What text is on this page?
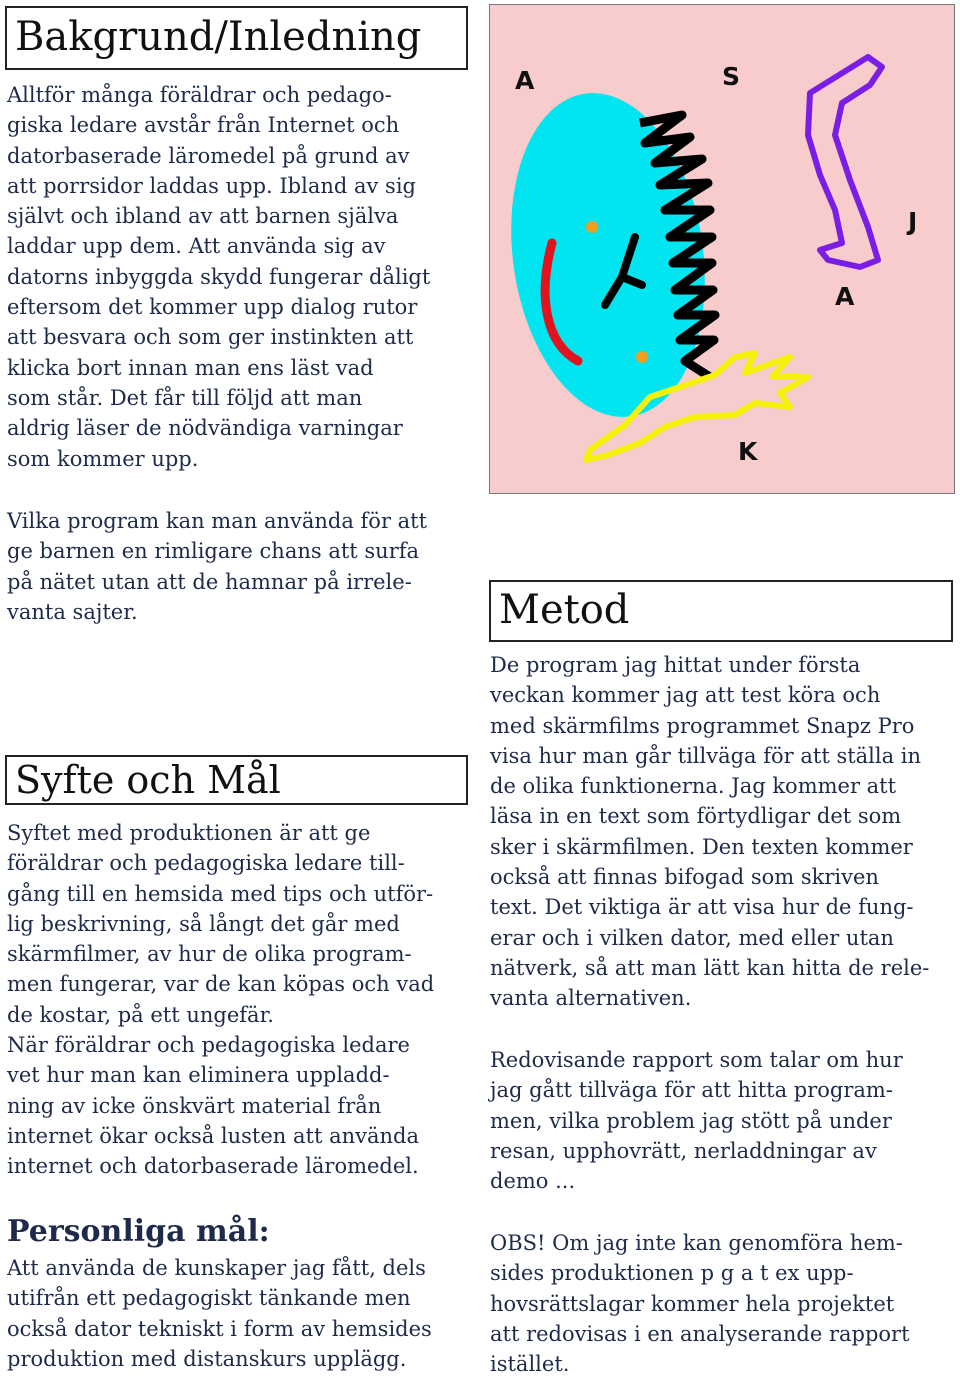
Bakgrund/Inledning

Alltför många föräldrar och pedago-
giska ledare avstår från Internet och
datorbaserade läromedel på grund av
att porrsidor laddas upp. Ibland av sig
självt och ibland av att barnen själva
laddar upp dem. Att använda sig av
datorns inbyggda skydd fungerar dåligt
eftersom det kommer upp dialog rutor
att besvara och som ger instinkten att
klicka bort innan man ens läst vad
som står. Det får till följd att man
aldrig läser de nödvändiga varningar
som kommer upp.

Vilka program kan man använda för att
ge barnen en rimligare chans att surfa
på nätet utan att de hamnar på irrele-
vanta sajter.

Syfte och Mål

Syftet med produktionen är att ge
föräldrar och pedagogiska ledare till-
gång till en hemsida med tips och utför-
lig beskrivning, så långt det går med
skärmfilmer, av hur de olika program-
men fungerar, var de kan köpas och vad
de kostar, på ett ungefär.
När föräldrar och pedagogiska ledare
vet hur man kan eliminera uppladd-
ning av icke önskvärt material från
internet ökar också lusten att använda
internet och datorbaserade läromedel.

Personliga mål:

Att använda de kunskaper jag fått, dels
utifrån ett pedagogiskt tänkande men
också dator tekniskt i form av hemsides
produktion med distanskurs upplägg.

A	S
J
A
K
Metod

De program jag hittat under första
veckan kommer jag att test köra och
med skärmfilms programmet Snapz Pro
visa hur man går tillväga för att ställa in
de olika funktionerna. Jag kommer att
läsa in en text som förtydligar det som
sker i skärmfilmen. Den texten kommer
också att finnas bifogad som skriven
text. Det viktiga är att visa hur de fung-
erar och i vilken dator, med eller utan
nätverk, så att man lätt kan hitta de rele-
vanta alternativen.

Redovisande rapport som talar om hur
jag gått tillväga för att hitta program-
men, vilka problem jag stött på under
resan, upphovrätt, nerladdningar av
demo ...

OBS! Om jag inte kan genomföra hem-
sides produktionen p g a t ex upp-
hovsrättslagar kommer hela projektet
att redovisas i en analyserande rapport
istället.
